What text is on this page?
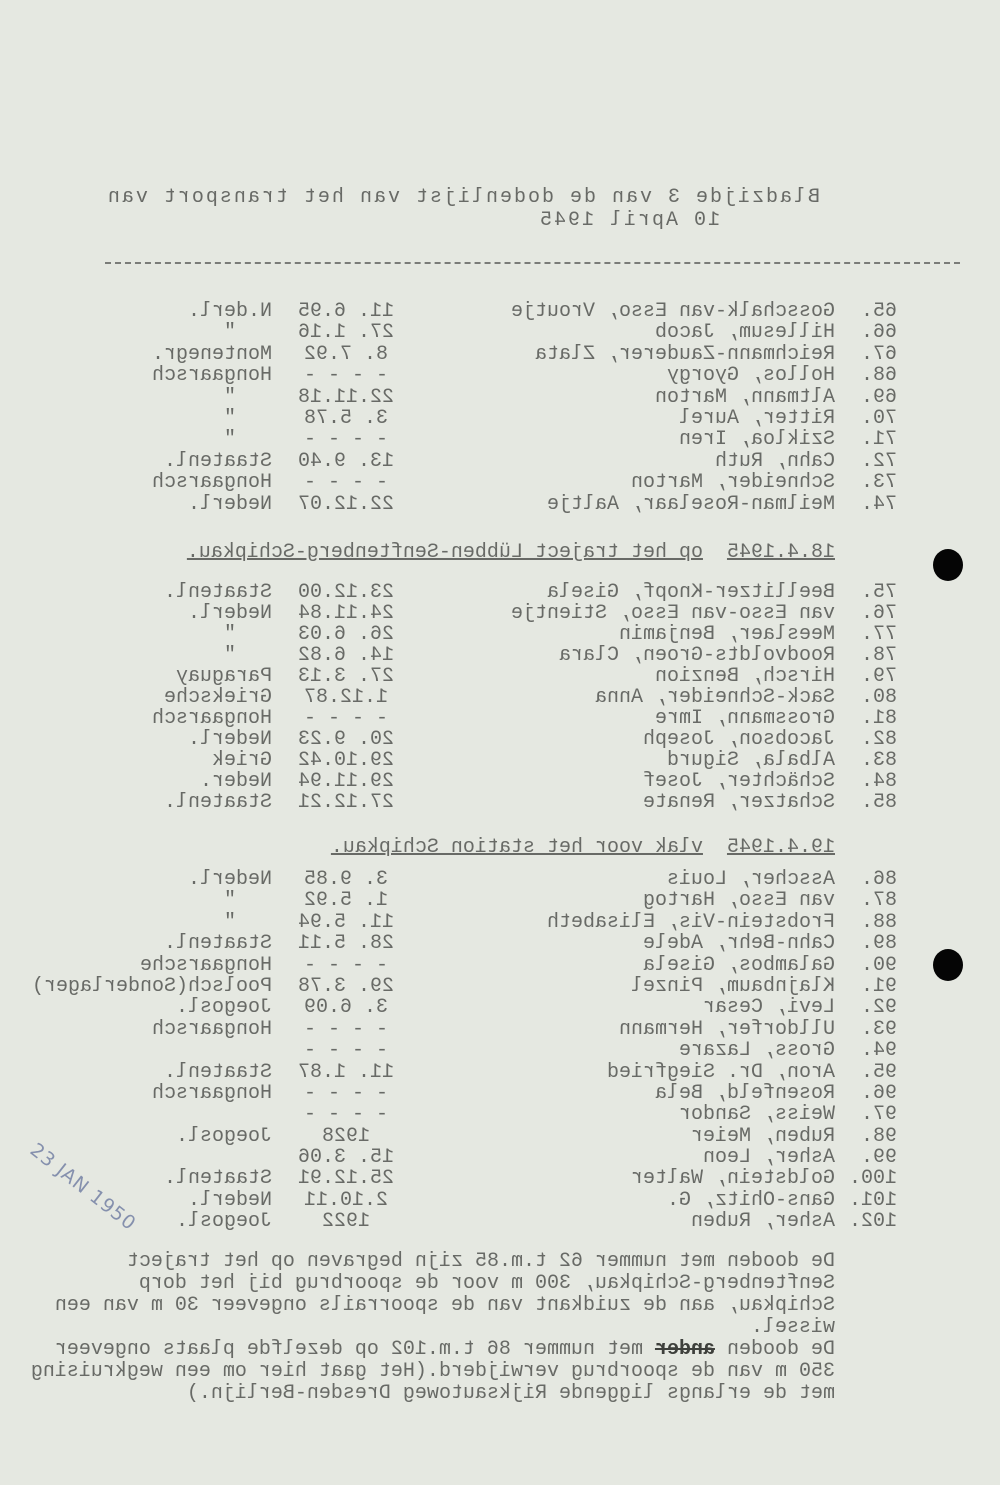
Bladzijde 3 van de dodenlijst van het transport van
10 April 1945
65.
Gosschalk-van Esso, Vroutje
11. 6.95
N.derl.
66.
Hillesum, Jacob
27. 1.16
"
67.
Reichmann-Zauderer, Zlata
8. 7.92
Montenegr.
68.
Hollos, Gyorgy
- - - -
Hongaarsch
69.
Altmann, Marton
22.11.18
"
70.
Ritter, Aurel
3. 5.78
"
71.
Szikloa, Iren
- - - -
"
72.
Cahn, Ruth
13. 9.40
Staatenl.
73.
Schneider, Marton
- - - -
Hongaarsch
74.
Meilman-Roselaar, Aaltje
22.12.07
Nederl.
18.4.1945op het traject Lübben-Senftenberg-Schipkau.
75.
Beellitzer-Knopf, Gisela
23.12.00
Staatenl.
76.
van Esso-van Esso, Stientje
24.11.84
Nederl.
77.
Meeslaer, Benjamin
26. 6.03
"
78.
Roodvoldts-Groen, Clara
14. 6.82
"
79.
Hirsch, Benzion
27. 3.13
Paraguay
80.
Sack-Schneider, Anna
1.12.87
Grieksche
81.
Grossmann, Imre
- - - -
Hongaarsch
82.
Jacobson, Joseph
20. 9.23
Nederl.
83.
Albala, Sigurd
29.10.42
Griek
84.
Schächter, Josef
29.11.94
Neder.
85.
Schatzer, Renate
27.12.21
Staatenl.
19.4.1945vlak voor het station Schipkau.
86.
Asscher, Louis
3. 9.85
Nederl.
87.
van Esso, Hartog
1. 5.92
"
88.
Frobstein-Vis, Elisabeth
11. 5.94
"
89.
Cahn-Behr, Adele
28. 5.11
Staatenl.
90.
Galambos, Gisela
- - - -
Hongaarsche
91.
Klajnbaum, Pinzel
29. 3.78
Poolsch(Sonderlager)
92.
Levi, Cesar
3. 6.09
Joegosl.
93.
Ulldorfer, Hermann
- - - -
Hongaarsch
94.
Gross, Lazare
- - - -
95.
Aron, Dr. Siegfried
11. 1.87
Staatenl.
96.
Rosenfeld, Bela
- - - -
Hongaarsch
97.
Weiss, Sandor
- - - -
98.
Ruben, Meier
1928
Joegosl.
99.
Asher, Leon
15. 3.06
100.
Goldstein, Walter
25.12.91
Staatenl.
101.
Gans-Ohitz, G.
2.10.11
Nederl.
102.
Asher, Ruben
1922
Joegosl.
De dooden met nummer 62 t.m.85 zijn begraven op het traject
Senftenberg-Schipkau, 300 m voor de spoorbrug bij het dorp
Schipkau, aan de zuidkant van de spoorrails ongeveer 30 m van een
wissel.
De doodenandermet nummer 86 t.m.102 op dezelfde plaats ongeveer
350 m van de spoorbrug verwijderd.(Het gaat hier om een wegkruising
met de erlangs liggende Rijksautoweg Dresden-Berlijn.)
23 JAN 1950
